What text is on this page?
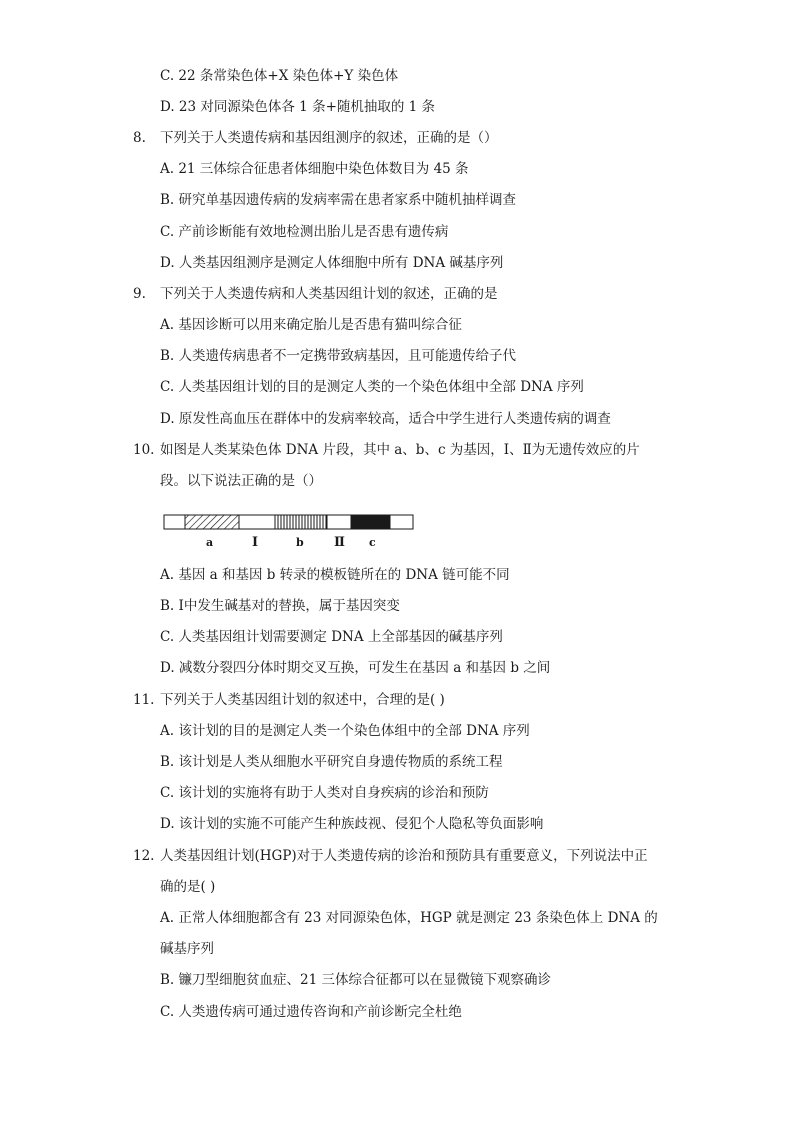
C. 22 条常染色体+X 染色体+Y 染色体
D. 23 对同源染色体各 1 条+随机抽取的 1 条
8. 下列关于人类遗传病和基因组测序的叙述，正确的是（）
A. 21 三体综合征患者体细胞中染色体数目为 45 条
B. 研究单基因遗传病的发病率需在患者家系中随机抽样调查
C. 产前诊断能有效地检测出胎儿是否患有遗传病
D. 人类基因组测序是测定人体细胞中所有 DNA 碱基序列
9. 下列关于人类遗传病和人类基因组计划的叙述，正确的是
A. 基因诊断可以用来确定胎儿是否患有猫叫综合征
B. 人类遗传病患者不一定携带致病基因，且可能遗传给子代
C. 人类基因组计划的目的是测定人类的一个染色体组中全部 DNA 序列
D. 原发性高血压在群体中的发病率较高，适合中学生进行人类遗传病的调查
10. 如图是人类某染色体 DNA 片段，其中 a、b、c 为基因，Ⅰ、Ⅱ为无遗传效应的片
段。以下说法正确的是（）
a	Ⅰ	b Ⅱ c
A. 基因 a 和基因 b 转录的模板链所在的 DNA 链可能不同
B. Ⅰ中发生碱基对的替换，属于基因突变
C. 人类基因组计划需要测定 DNA 上全部基因的碱基序列
D. 减数分裂四分体时期交叉互换，可发生在基因 a 和基因 b 之间
11. 下列关于人类基因组计划的叙述中，合理的是( )
A. 该计划的目的是测定人类一个染色体组中的全部 DNA 序列
B. 该计划是人类从细胞水平研究自身遗传物质的系统工程
C. 该计划的实施将有助于人类对自身疾病的诊治和预防
D. 该计划的实施不可能产生种族歧视、侵犯个人隐私等负面影响
12. 人类基因组计划(HGP)对于人类遗传病的诊治和预防具有重要意义，下列说法中正
确的是( )
A. 正常人体细胞都含有 23 对同源染色体，HGP 就是测定 23 条染色体上 DNA 的
碱基序列
B. 镰刀型细胞贫血症、21 三体综合征都可以在显微镜下观察确诊
C. 人类遗传病可通过遗传咨询和产前诊断完全杜绝
